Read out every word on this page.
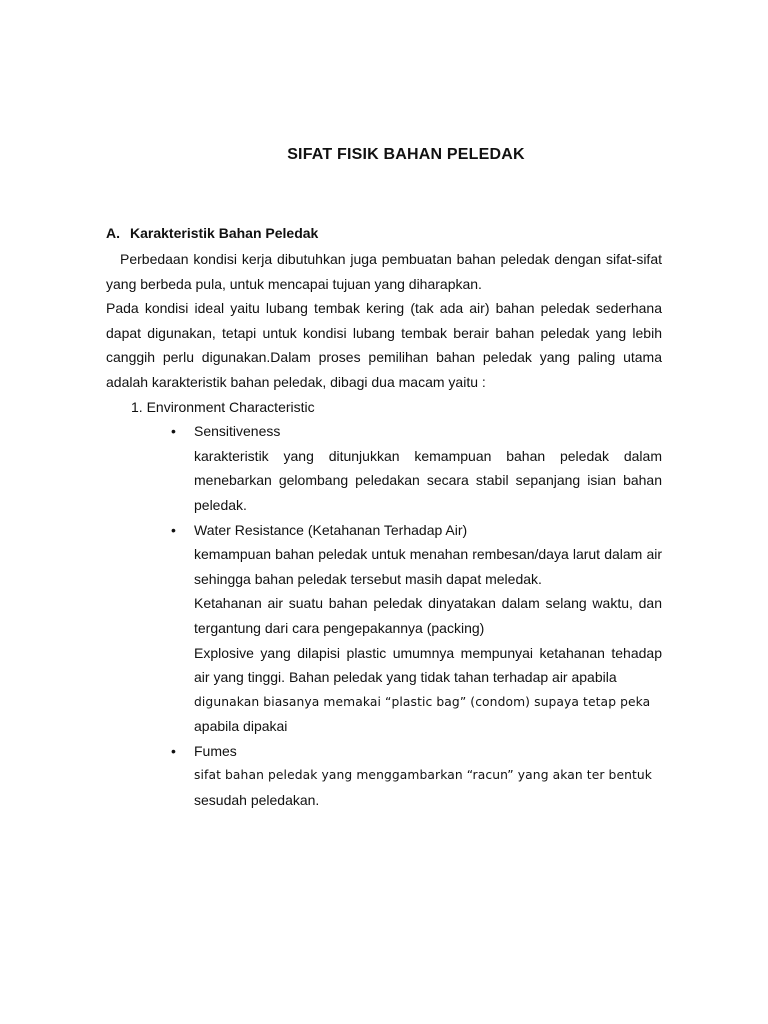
SIFAT FISIK BAHAN PELEDAK
A. Karakteristik Bahan Peledak

Perbedaan kondisi kerja dibutuhkan juga pembuatan bahan peledak dengan sifat-sifat yang berbeda pula, untuk mencapai tujuan yang diharapkan.

Pada kondisi ideal yaitu lubang tembak kering (tak ada air) bahan peledak sederhana dapat digunakan, tetapi untuk kondisi lubang tembak berair bahan peledak yang lebih canggih perlu digunakan.Dalam proses pemilihan bahan peledak yang paling utama adalah karakteristik bahan peledak, dibagi dua macam yaitu :

1. Environment Characteristic

• Sensitiveness

karakteristik yang ditunjukkan kemampuan bahan peledak dalam menebarkan gelombang peledakan secara stabil sepanjang isian bahan peledak.

• Water Resistance (Ketahanan Terhadap Air)

kemampuan bahan peledak untuk menahan rembesan/daya larut dalam air sehingga bahan peledak tersebut masih dapat meledak.

Ketahanan air suatu bahan peledak dinyatakan dalam selang waktu, dan tergantung dari cara pengepakannya (packing)

Explosive yang dilapisi plastic umumnya mempunyai ketahanan tehadap air yang tinggi. Bahan peledak yang tidak tahan terhadap air apabila

digunakan biasanya memakai “plastic bag” (condom) supaya tetap peka

apabila dipakai

• Fumes

sifat bahan peledak yang menggambarkan “racun” yang akan ter bentuk

sesudah peledakan.
